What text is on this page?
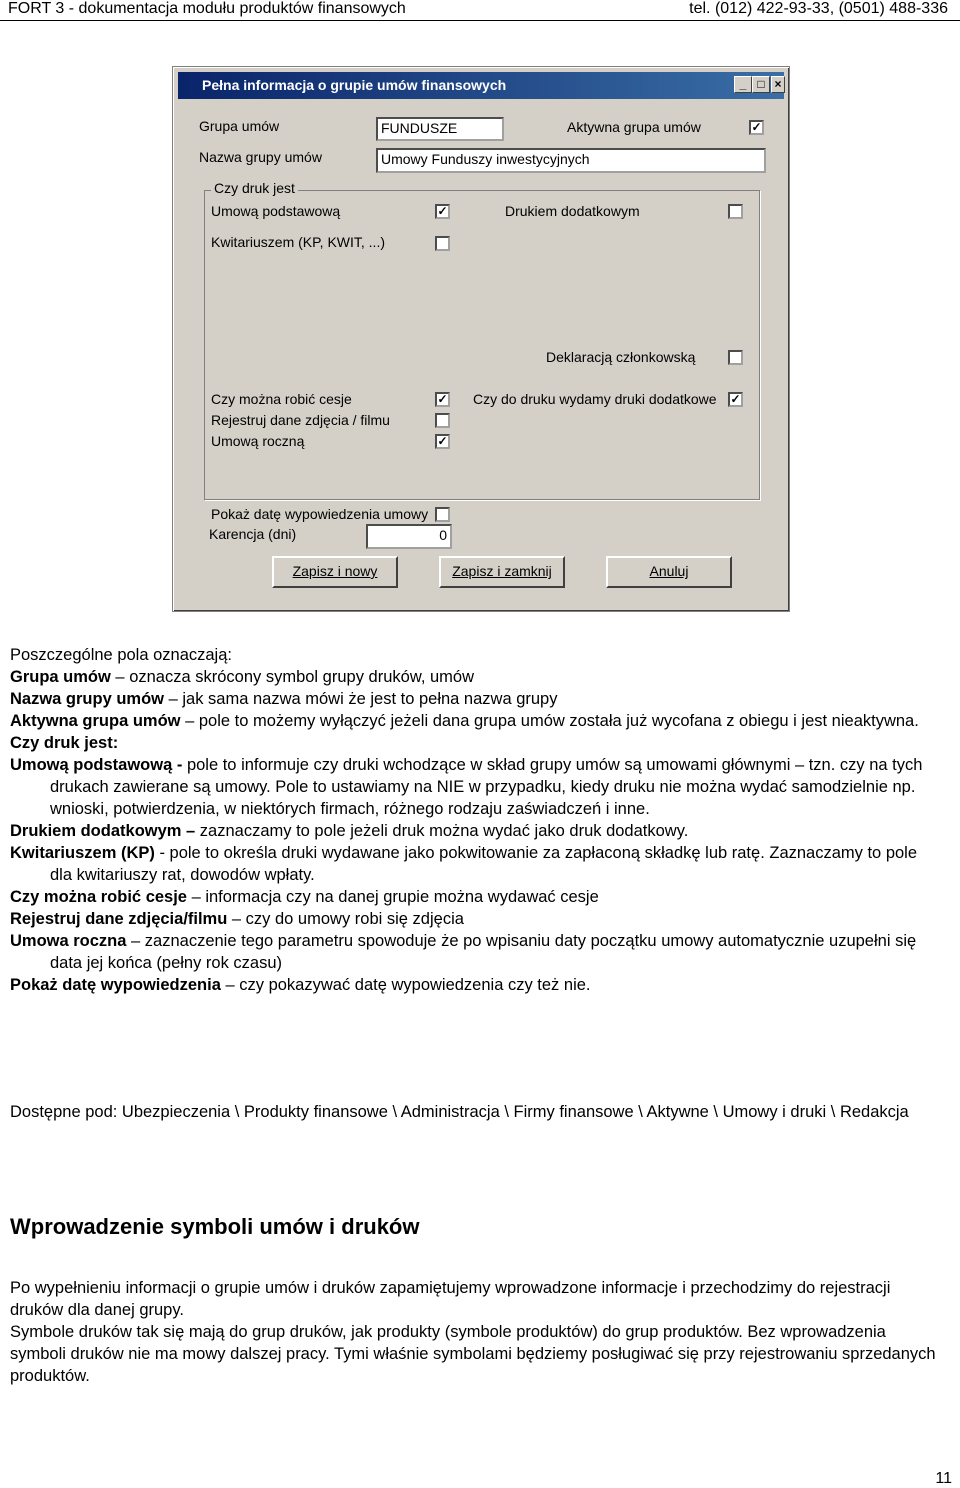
FORT 3 - dokumentacja modułu produktów finansowych	tel. (012) 422-93-33, (0501) 488-336
Pełna informacja o grupie umów finansowych	_ □ ×
Grupa umów	FUNDUSZE	Aktywna grupa umów	✓
Nazwa grupy umów	Umowy Funduszy inwestycyjnych
Czy druk jest
Umową podstawową	✓	Drukiem dodatkowym
Kwitariuszem (KP, KWIT, ...)
Deklaracją członkowską
Czy można robić cesje	✓ Czy do druku wydamy druki dodatkowe ✓
Rejestruj dane zdjęcia / filmu
Umową roczną	✓
Pokaż datę wypowiedzenia umowy
Karencja (dni)	0
Zapisz i nowy	Zapisz i zamknij	Anuluj

Poszczególne pola oznaczają:

Grupa umów – oznacza skrócony symbol grupy druków, umów

Nazwa grupy umów – jak sama nazwa mówi że jest to pełna nazwa grupy

Aktywna grupa umów – pole to możemy wyłączyć jeżeli dana grupa umów została już wycofana z obiegu i jest nieaktywna.

Czy druk jest:

Umową podstawową - pole to informuje czy druki wchodzące w skład grupy umów są umowami głównymi – tzn. czy na tych drukach zawierane są umowy. Pole to ustawiamy na NIE w przypadku, kiedy druku nie można wydać samodzielnie np. wnioski, potwierdzenia, w niektórych firmach, różnego rodzaju zaświadczeń i inne.

Drukiem dodatkowym – zaznaczamy to pole jeżeli druk można wydać jako druk dodatkowy.

Kwitariuszem (KP) - pole to określa druki wydawane jako pokwitowanie za zapłaconą składkę lub ratę. Zaznaczamy to pole dla kwitariuszy rat, dowodów wpłaty.

Czy można robić cesje – informacja czy na danej grupie można wydawać cesje

Rejestruj dane zdjęcia/filmu – czy do umowy robi się zdjęcia

Umowa roczna – zaznaczenie tego parametru spowoduje że po wpisaniu daty początku umowy automatycznie uzupełni się data jej końca (pełny rok czasu)

Pokaż datę wypowiedzenia – czy pokazywać datę wypowiedzenia czy też nie.

Dostępne pod: Ubezpieczenia \ Produkty finansowe \ Administracja \ Firmy finansowe \ Aktywne \ Umowy i druki \ Redakcja
Wprowadzenie symboli umów i druków

Po wypełnieniu informacji o grupie umów i druków zapamiętujemy wprowadzone informacje i przechodzimy do rejestracji druków dla danej grupy.

Symbole druków tak się mają do grup druków, jak produkty (symbole produktów) do grup produktów. Bez wprowadzenia symboli druków nie ma mowy dalszej pracy. Tymi właśnie symbolami będziemy posługiwać się przy rejestrowaniu sprzedanych produktów.

11
